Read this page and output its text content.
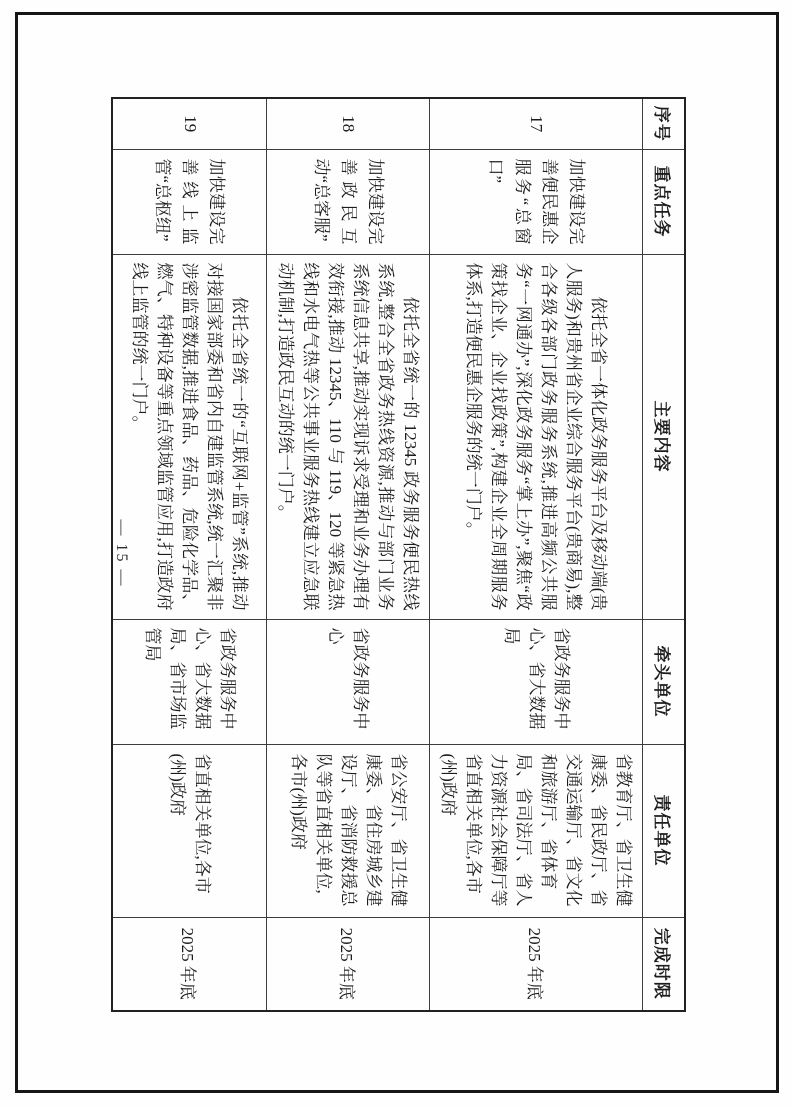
序号	重点任务	主要内容	牵头单位	责任单位	完成时限
17	加快建设完善便民惠企服务“总窗口”	依托全省一体化政务服务平台及移动端(贵人服务)和贵州省企业综合服务平台(贵商易),整合各级各部门政务服务系统,推进高频公共服务“一网通办”,深化政务服务“掌上办”,聚焦“政策找企业、企业找政策”,构建企业全周期服务体系,打造便民惠企服务的统一门户。	省政务服务中心、省大数据局	省教育厅、省卫生健康委、省民政厅、省交通运输厅、省文化和旅游厅、省体育局、省司法厅、省人力资源社会保障厅等省直相关单位,各市(州)政府	2025 年底
18	加快建设完善政民互动“总客服”	依托全省统一的 12345 政务服务便民热线系统,整合全省政务热线资源,推动与部门业务系统信息共享,推动实现诉求受理和业务办理有效衔接,推动 12345、110 与 119、120 等紧急热线和水电气热等公共事业服务热线建立应急联动机制,打造政民互动的统一门户。	省政务服务中心	省公安厅、省卫生健康委、省住房城乡建设厅、省消防救援总队等省直相关单位,各市(州)政府	2025 年底
19	加快建设完善线上监管“总枢纽”	依托全省统一的“互联网+监管”系统,推动对接国家部委和省内自建监管系统,统一汇聚非涉密监管数据,推进食品、药品、危险化学品、燃气、特种设备等重点领域监管应用,打造政府线上监管的统一门户。	省政务服务中心、省大数据局、省市场监管局	省直相关单位,各市(州)政府	2025 年底
— 15 —
